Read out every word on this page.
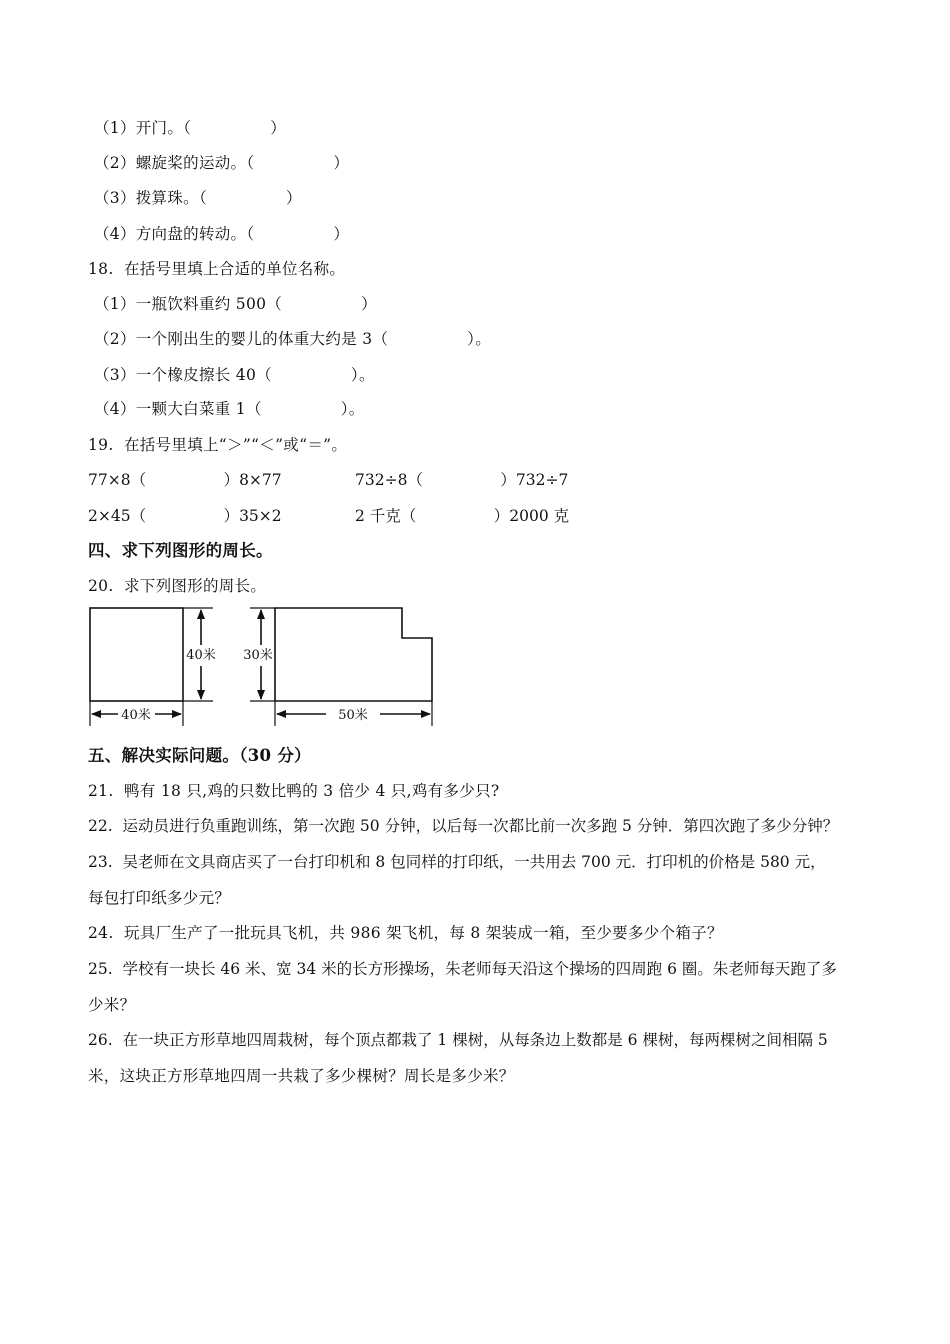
（1）开门。（　　　　　）
（2）螺旋桨的运动。（　　　　　）
（3）拨算珠。（　　　　　）
（4）方向盘的转动。（　　　　　）
18.  在括号里填上合适的单位名称。
（1）一瓶饮料重约 500（　　　　　）
（2）一个刚出生的婴儿的体重大约是 3（　　　　　）。
（3）一个橡皮擦长 40（　　　　　）。
（4）一颗大白菜重 1（　　　　　）。
19.  在括号里填上“＞”“＜”或“＝”。
77×8（　　　　　）8×77	732÷8（　　　　　）732÷7
2×45（　　　　　）35×2	2 千克（　　　　　）2000 克
四、求下列图形的周长。
20.  求下列图形的周长。
40米
40米
30米
50米
五、解决实际问题。（30 分）
21.  鸭有 18 只,鸡的只数比鸭的 3 倍少 4 只,鸡有多少只?
22.  运动员进行负重跑训练，第一次跑 50 分钟，以后每一次都比前一次多跑 5 分钟．第四次跑了多少分钟？
23.  吴老师在文具商店买了一台打印机和 8 包同样的打印纸，一共用去 700 元．打印机的价格是 580 元，
每包打印纸多少元？
24.  玩具厂生产了一批玩具飞机，共 986 架飞机，每 8 架装成一箱，至少要多少个箱子？
25.  学校有一块长 46 米、宽 34 米的长方形操场，朱老师每天沿这个操场的四周跑 6 圈。朱老师每天跑了多
少米？
26.  在一块正方形草地四周栽树，每个顶点都栽了 1 棵树，从每条边上数都是 6 棵树，每两棵树之间相隔 5
米，这块正方形草地四周一共栽了多少棵树？周长是多少米？
